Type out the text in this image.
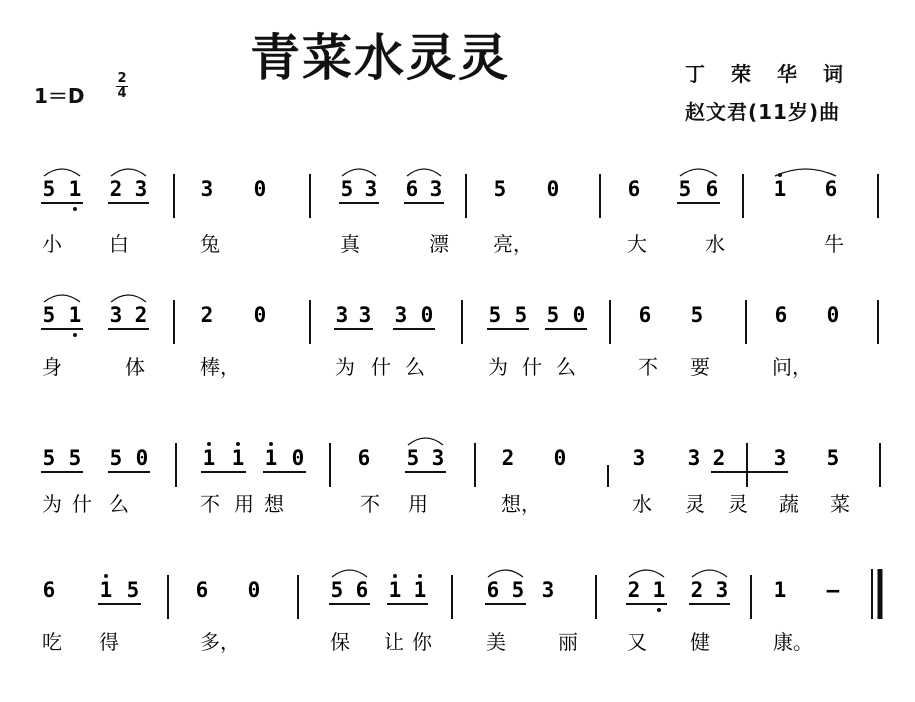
青菜水灵灵
1＝D
2
4
丁荣华词
赵文君(11岁)曲
5 1 2 3	3 0	5 3 6 3 5 0	6 5 6	1 6
小 白	兔	真	漂 亮，	大	水	牛
5 1 3 2	2 0	3 3 3 0	5 5 5 0	6 5	6 0
身	体	棒，	为 什 么	为 什 么	不 要	问，
5 5 5 0	1 1 1 0	6 5 3	2 0	3 3 2 3 5
为 什 么	不 用 想	不 用	想，	水 灵 灵 蔬 菜
6 1 5	6 0	5 6 1 1	6 5 3	2 1 2 3 1 –
吃 得	多，	保 让 你	美	丽 又 健	康。
